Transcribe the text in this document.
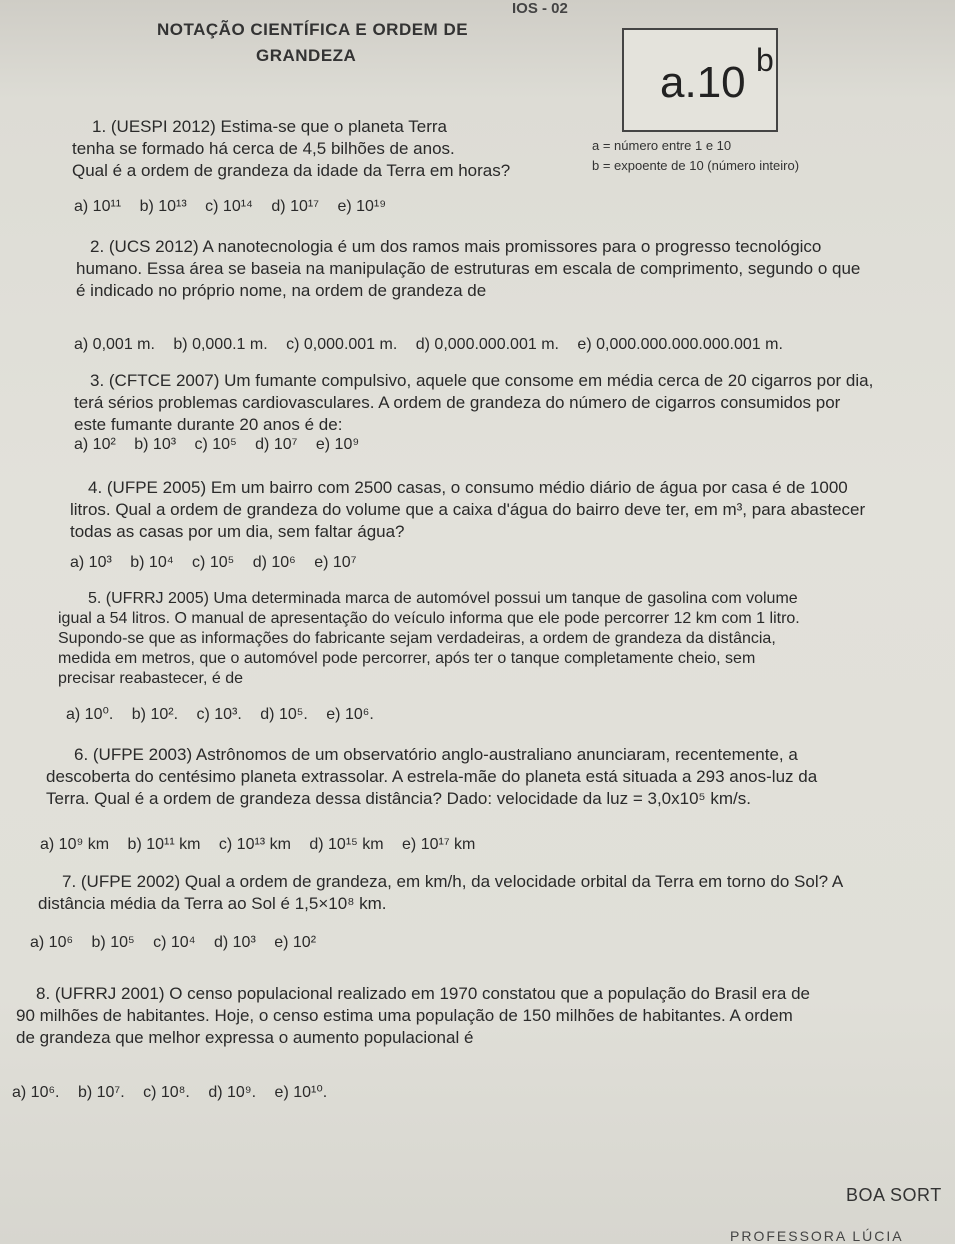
IOS - 02
NOTAÇÃO CIENTÍFICA E ORDEM DE
GRANDEZA
a.10 b
a = número entre 1 e 10
b = expoente de 10 (número inteiro)
1. (UESPI 2012) Estima-se que o planeta Terra
tenha se formado há cerca de 4,5 bilhões de anos.
Qual é a ordem de grandeza da idade da Terra em horas?
a) 10¹¹ b) 10¹³ c) 10¹⁴ d) 10¹⁷ e) 10¹⁹
2. (UCS 2012) A nanotecnologia é um dos ramos mais promissores para o progresso tecnológico
humano. Essa área se baseia na manipulação de estruturas em escala de comprimento, segundo o que
é indicado no próprio nome, na ordem de grandeza de
a) 0,001 m. b) 0,000.1 m. c) 0,000.001 m. d) 0,000.000.001 m. e) 0,000.000.000.000.001 m.
3. (CFTCE 2007) Um fumante compulsivo, aquele que consome em média cerca de 20 cigarros por dia,
terá sérios problemas cardiovasculares. A ordem de grandeza do número de cigarros consumidos por
este fumante durante 20 anos é de:
a) 10² b) 10³ c) 10⁵ d) 10⁷ e) 10⁹
4. (UFPE 2005) Em um bairro com 2500 casas, o consumo médio diário de água por casa é de 1000
litros. Qual a ordem de grandeza do volume que a caixa d'água do bairro deve ter, em m³, para abastecer
todas as casas por um dia, sem faltar água?
a) 10³ b) 10⁴ c) 10⁵ d) 10⁶ e) 10⁷
5. (UFRRJ 2005) Uma determinada marca de automóvel possui um tanque de gasolina com volume
igual a 54 litros. O manual de apresentação do veículo informa que ele pode percorrer 12 km com 1 litro.
Supondo-se que as informações do fabricante sejam verdadeiras, a ordem de grandeza da distância,
medida em metros, que o automóvel pode percorrer, após ter o tanque completamente cheio, sem
precisar reabastecer, é de
a) 10⁰. b) 10². c) 10³. d) 10⁵. e) 10⁶.
6. (UFPE 2003) Astrônomos de um observatório anglo-australiano anunciaram, recentemente, a
descoberta do centésimo planeta extrassolar. A estrela-mãe do planeta está situada a 293 anos-luz da
Terra. Qual é a ordem de grandeza dessa distância? Dado: velocidade da luz = 3,0x10⁵ km/s.
a) 10⁹ km b) 10¹¹ km c) 10¹³ km d) 10¹⁵ km e) 10¹⁷ km
7. (UFPE 2002) Qual a ordem de grandeza, em km/h, da velocidade orbital da Terra em torno do Sol? A
distância média da Terra ao Sol é 1,5×10⁸ km.
a) 10⁶ b) 10⁵ c) 10⁴ d) 10³ e) 10²
8. (UFRRJ 2001) O censo populacional realizado em 1970 constatou que a população do Brasil era de
90 milhões de habitantes. Hoje, o censo estima uma população de 150 milhões de habitantes. A ordem
de grandeza que melhor expressa o aumento populacional é
a) 10⁶. b) 10⁷. c) 10⁸. d) 10⁹. e) 10¹⁰.
BOA SORT
PROFESSORA LÚCIA
